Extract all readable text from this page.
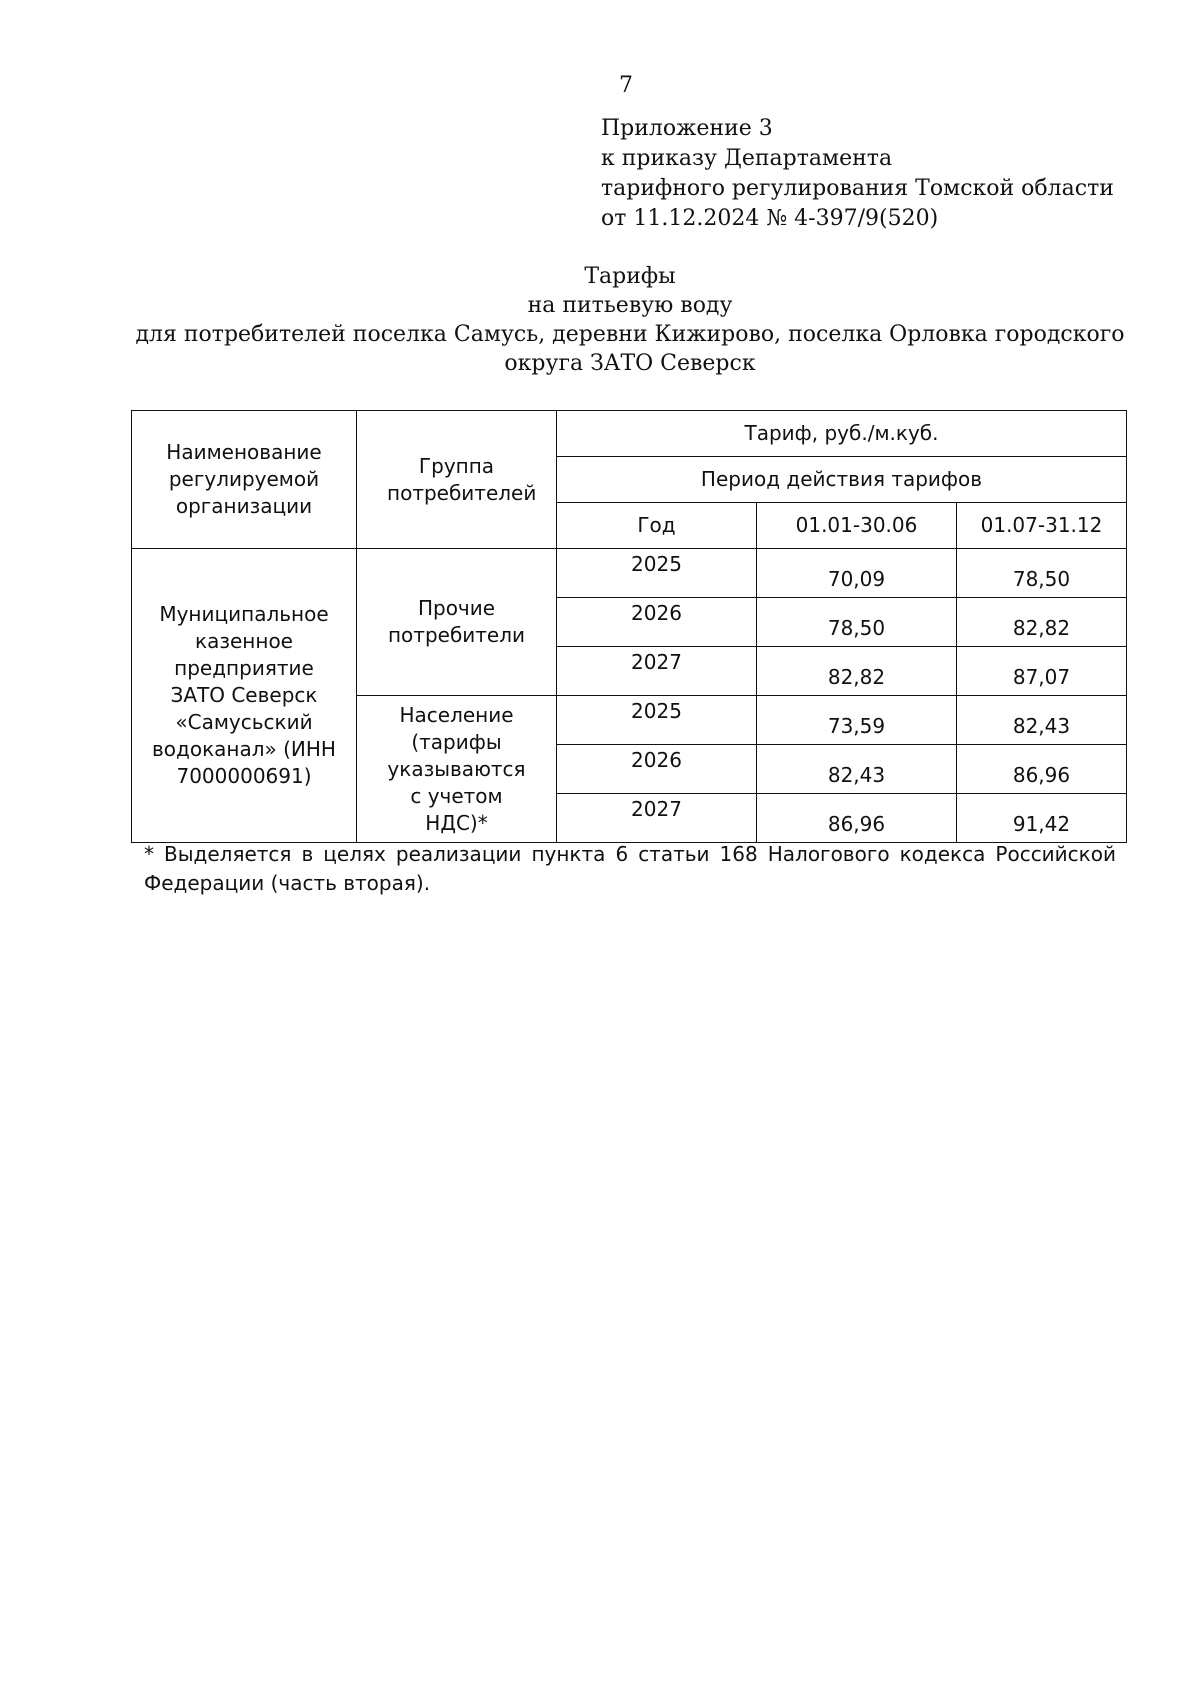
7
Приложение 3
к приказу Департамента
тарифного регулирования Томской области
от 11.12.2024 № 4-397/9(520)
Тарифы
на питьевую воду
для потребителей поселка Самусь, деревни Кижирово, поселка Орловка городского
округа ЗАТО Северск
Наименование регулируемой организации	Группа потребителей	Тариф, руб./м.куб.		
		Период действия тарифов		
		Год	01.01-30.06	01.07-31.12
Муниципальное казенное предприятие ЗАТО Северск «Самусьский водоканал» (ИНН 7000000691)	Прочие потребители	2025	70,09	78,50
		2026	78,50	82,82
		2027	82,82	87,07
	Население (тарифы указываются с учетом НДС)*	2025	73,59	82,43
		2026	82,43	86,96
		2027	86,96	91,42
* Выделяется в целях реализации пункта 6 статьи 168 Налогового кодекса Российской Федерации (часть вторая).
